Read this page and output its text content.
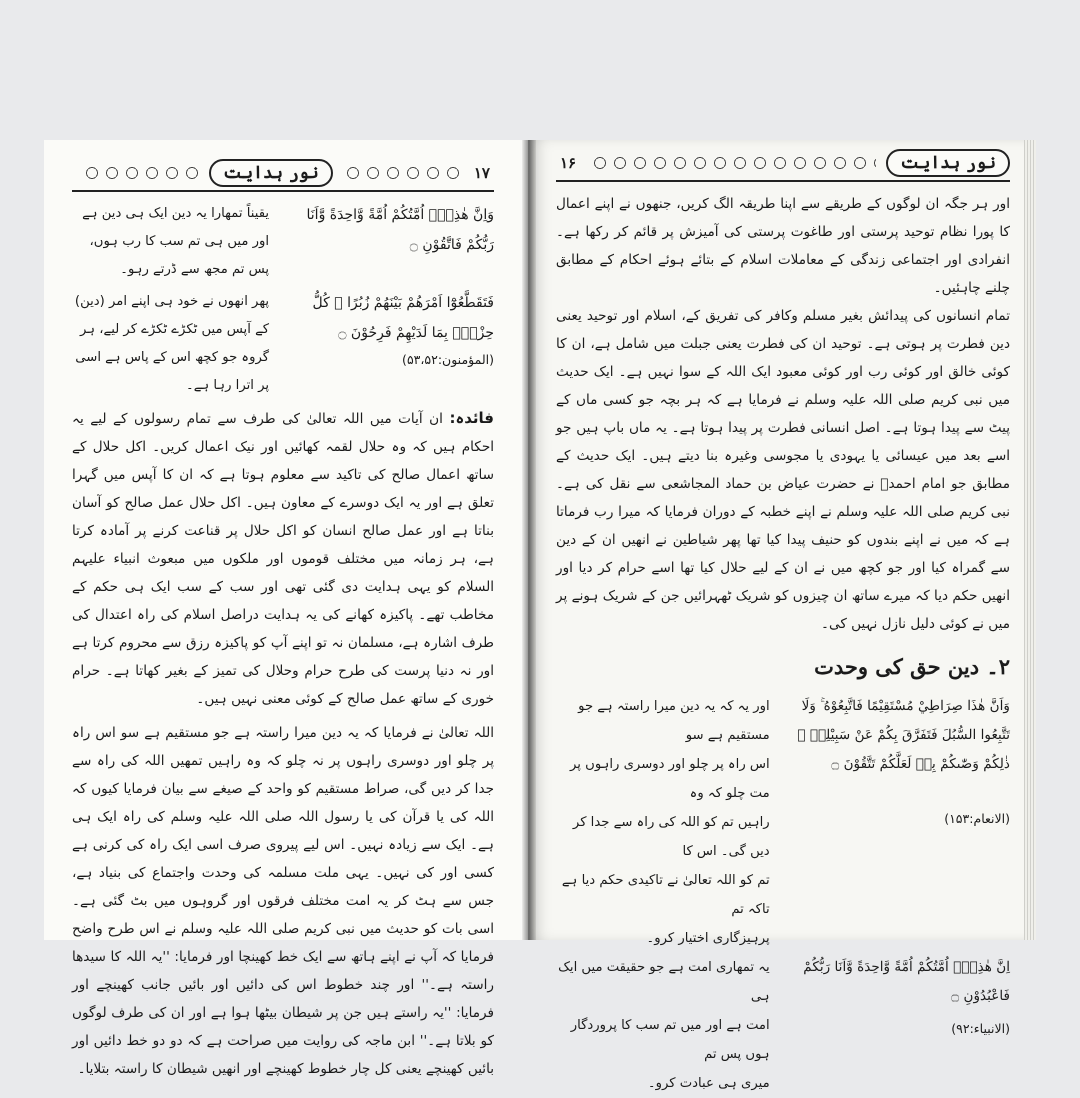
۱۷
نور ہدایت

وَاِنَّ هٰذِهٖٓ اُمَّتُكُمْ اُمَّةً وَّاحِدَةً وَّاَنَا رَبُّكُمْ فَاتَّقُوْنِ ۝

یقیناً تمھارا یہ دین ایک ہی دین ہے اور میں ہی تم سب کا رب ہوں، پس تم مجھ سے ڈرتے رہو۔

فَتَقَطَّعُوْٓا اَمْرَهُمْ بَيْنَهُمْ زُبُرًا ۭ كُلُّ حِزْبٍۢ بِمَا لَدَيْهِمْ فَرِحُوْنَ ۝

(المؤمنون:۵۳،۵۲)

پھر انھوں نے خود ہی اپنے امر (دین) کے آپس میں ٹکڑے ٹکڑے کر لیے، ہر گروہ جو کچھ اس کے پاس ہے اسی پر اترا رہا ہے۔

فائدہ: ان آیات میں اللہ تعالیٰ کی طرف سے تمام رسولوں کے لیے یہ احکام ہیں کہ وہ حلال لقمہ کھائیں اور نیک اعمال کریں۔ اکل حلال کے ساتھ اعمال صالح کی تاکید سے معلوم ہوتا ہے کہ ان کا آپس میں گہرا تعلق ہے اور یہ ایک دوسرے کے معاون ہیں۔ اکل حلال عمل صالح کو آسان بناتا ہے اور عمل صالح انسان کو اکل حلال پر قناعت کرنے پر آمادہ کرتا ہے، ہر زمانہ میں مختلف قوموں اور ملکوں میں مبعوث انبیاء علیہم السلام کو یہی ہدایت دی گئی تھی اور سب کے سب ایک ہی حکم کے مخاطب تھے۔ پاکیزہ کھانے کی یہ ہدایت دراصل اسلام کی راہ اعتدال کی طرف اشارہ ہے، مسلمان نہ تو اپنے آپ کو پاکیزہ رزق سے محروم کرتا ہے اور نہ دنیا پرست کی طرح حرام وحلال کی تمیز کے بغیر کھاتا ہے۔ حرام خوری کے ساتھ عمل صالح کے کوئی معنی نہیں ہیں۔

اللہ تعالیٰ نے فرمایا کہ یہ دین میرا راستہ ہے جو مستقیم ہے سو اس راہ پر چلو اور دوسری راہوں پر نہ چلو کہ وہ راہیں تمھیں اللہ کی راہ سے جدا کر دیں گی، صراط مستقیم کو واحد کے صیغے سے بیان فرمایا کیوں کہ اللہ کی یا قرآن کی یا رسول اللہ صلی اللہ علیہ وسلم کی راہ ایک ہی ہے۔ ایک سے زیادہ نہیں۔ اس لیے پیروی صرف اسی ایک راہ کی کرنی ہے کسی اور کی نہیں۔ یہی ملت مسلمہ کی وحدت واجتماع کی بنیاد ہے، جس سے ہٹ کر یہ امت مختلف فرقوں اور گروہوں میں بٹ گئی ہے۔ اسی بات کو حدیث میں نبی کریم صلی اللہ علیہ وسلم نے اس طرح واضح فرمایا کہ آپ نے اپنے ہاتھ سے ایک خط کھینچا اور فرمایا: ''یہ اللہ کا سیدھا راستہ ہے۔'' اور چند خطوط اس کی دائیں اور بائیں جانب کھینچے اور فرمایا: ''یہ راستے ہیں جن پر شیطان بیٹھا ہوا ہے اور ان کی طرف لوگوں کو بلاتا ہے۔'' ابن ماجہ کی روایت میں صراحت ہے کہ دو دو خط دائیں اور بائیں کھینچے یعنی کل چار خطوط کھینچے اور انھیں شیطان کا راستہ بتلایا۔

نور ہدایت
۱۶

اور ہر جگہ ان لوگوں کے طریقے سے اپنا طریقہ الگ کریں، جنھوں نے اپنے اعمال کا پورا نظام توحید پرستی اور طاغوت پرستی کی آمیزش پر قائم کر رکھا ہے۔ انفرادی اور اجتماعی زندگی کے معاملات اسلام کے بتائے ہوئے احکام کے مطابق چلنے چاہئیں۔

تمام انسانوں کی پیدائش بغیر مسلم وکافر کی تفریق کے، اسلام اور توحید یعنی دین فطرت پر ہوتی ہے۔ توحید ان کی فطرت یعنی جبلت میں شامل ہے، ان کا کوئی خالق اور کوئی رب اور کوئی معبود ایک اللہ کے سوا نہیں ہے۔ ایک حدیث میں نبی کریم صلی اللہ علیہ وسلم نے فرمایا ہے کہ ہر بچہ جو کسی ماں کے پیٹ سے پیدا ہوتا ہے۔ اصل انسانی فطرت پر پیدا ہوتا ہے۔ یہ ماں باپ ہیں جو اسے بعد میں عیسائی یا یہودی یا مجوسی وغیرہ بنا دیتے ہیں۔ ایک حدیث کے مطابق جو امام احمدؒ نے حضرت عیاض بن حماد المجاشعی سے نقل کی ہے۔ نبی کریم صلی اللہ علیہ وسلم نے اپنے خطبہ کے دوران فرمایا کہ میرا رب فرماتا ہے کہ میں نے اپنے بندوں کو حنیف پیدا کیا تھا پھر شیاطین نے انھیں ان کے دین سے گمراہ کیا اور جو کچھ میں نے ان کے لیے حلال کیا تھا اسے حرام کر دیا اور انھیں حکم دیا کہ میرے ساتھ ان چیزوں کو شریک ٹھہرائیں جن کے شریک ہونے پر میں نے کوئی دلیل نازل نہیں کی۔

۲۔ دین حق کی وحدت

وَاَنَّ هٰذَا صِرَاطِيْ مُسْتَقِيْمًا فَاتَّبِعُوْهُ ۚ وَلَا

تَتَّبِعُوا السُّبُلَ فَتَفَرَّقَ بِكُمْ عَنْ سَبِيْلِهٖ ۭ

ذٰلِكُمْ وَصّٰىكُمْ بِهٖ لَعَلَّكُمْ تَتَّقُوْنَ ۝

(الانعام:۱۵۳)

اور یہ کہ یہ دین میرا راستہ ہے جو مستقیم ہے سو

اس راہ پر چلو اور دوسری راہوں پر مت چلو کہ وہ

راہیں تم کو اللہ کی راہ سے جدا کر دیں گی۔ اس کا

تم کو اللہ تعالیٰ نے تاکیدی حکم دیا ہے تاکہ تم

پرہیزگاری اختیار کرو۔

اِنَّ هٰذِهٖٓ اُمَّتُكُمْ اُمَّةً وَّاحِدَةً وَّاَنَا رَبُّكُمْ

فَاعْبُدُوْنِ ۝

(الانبیاء:۹۲)

یہ تمھاری امت ہے جو حقیقت میں ایک ہی

امت ہے اور میں تم سب کا پروردگار ہوں پس تم

میری ہی عبادت کرو۔
